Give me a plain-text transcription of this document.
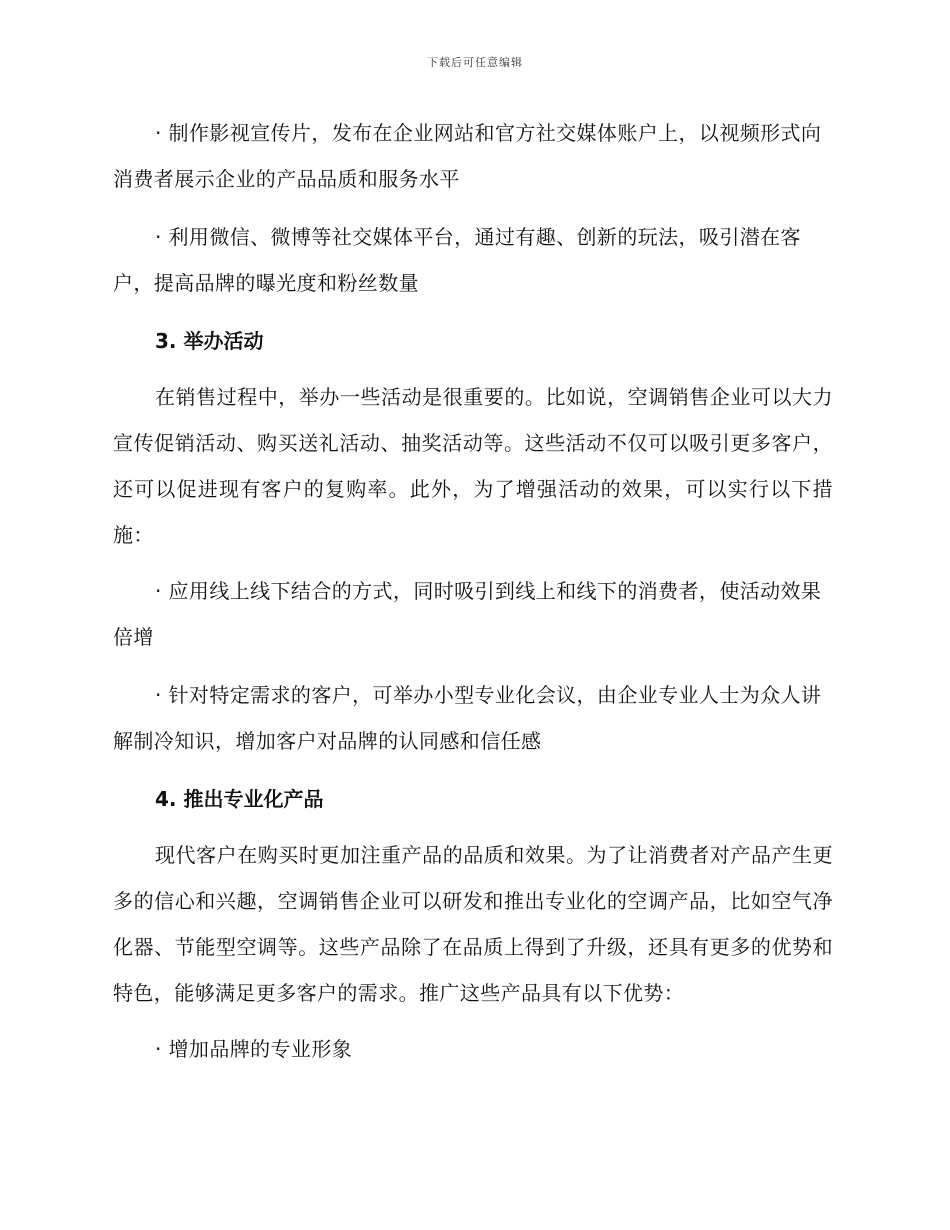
下载后可任意编辑

· 制作影视宣传片，发布在企业网站和官方社交媒体账户上，以视频形式向消费者展示企业的产品品质和服务水平

· 利用微信、微博等社交媒体平台，通过有趣、创新的玩法，吸引潜在客户，提高品牌的曝光度和粉丝数量

3. 举办活动

在销售过程中，举办一些活动是很重要的。比如说，空调销售企业可以大力宣传促销活动、购买送礼活动、抽奖活动等。这些活动不仅可以吸引更多客户，还可以促进现有客户的复购率。此外，为了增强活动的效果，可以实行以下措施：

· 应用线上线下结合的方式，同时吸引到线上和线下的消费者，使活动效果倍增

· 针对特定需求的客户，可举办小型专业化会议，由企业专业人士为众人讲解制冷知识，增加客户对品牌的认同感和信任感

4. 推出专业化产品

现代客户在购买时更加注重产品的品质和效果。为了让消费者对产品产生更多的信心和兴趣，空调销售企业可以研发和推出专业化的空调产品，比如空气净化器、节能型空调等。这些产品除了在品质上得到了升级，还具有更多的优势和特色，能够满足更多客户的需求。推广这些产品具有以下优势：

· 增加品牌的专业形象
